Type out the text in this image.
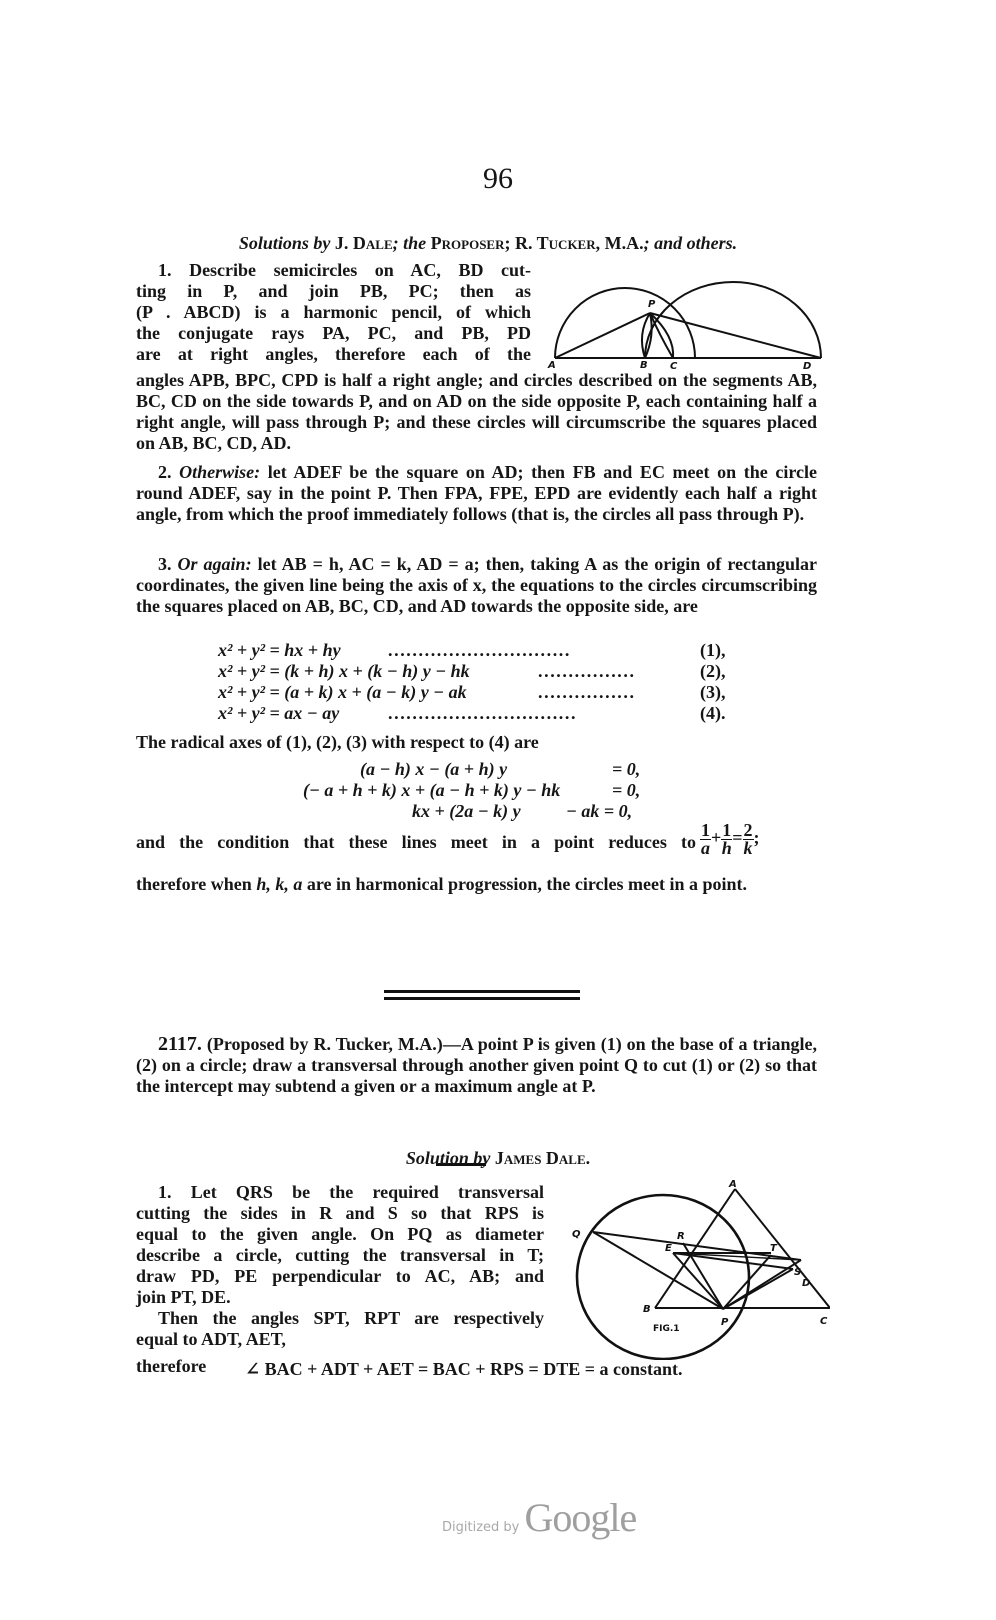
96
Solutions by J. Dale; the Proposer; R. Tucker, M.A.; and others.
1. Describe semicircles on AC, BD cut-
ting in P, and join PB, PC; then as
(P . ABCD) is a harmonic pencil, of which
the conjugate rays PA, PC, and PB, PD
are at right angles, therefore each of the
A	B C	D
P
angles APB, BPC, CPD is half a right angle; and circles described on the segments AB, BC, CD on the side towards P, and on AD on the side opposite P, each containing half a right angle, will pass through P; and these circles will circumscribe the squares placed on AB, BC, CD, AD.
2. Otherwise: let ADEF be the square on AD; then FB and EC meet on the circle round ADEF, say in the point P. Then FPA, FPE, EPD are evidently each half a right angle, from which the proof immediately follows (that is, the circles all pass through P).
3. Or again: let AB = h, AC = k, AD = a; then, taking A as the origin of rectangular coordinates, the given line being the axis of x, the equations to the circles circumscribing the squares placed on AB, BC, CD, and AD towards the opposite side, are
x² + y² = hx + hy	..............................	(1),
x² + y² = (k + h) x + (k − h) y − hk	................	(2),
x² + y² = (a + k) x + (a − k) y − ak	................	(3),
x² + y² = ax − ay	...............................	(4).
The radical axes of (1), (2), (3) with respect to (4) are
(a − h) x − (a + h) y	= 0,
(− a + h + k) x + (a − h + k) y − hk	= 0,
kx + (2a − k) y	− ak = 0,
and the condition that these lines meet in a point reduces to $\frac{1}{a} + \frac{1}{h} = \frac{2}{k}$ ;
therefore when h, k, a are in harmonical progression, the circles meet in a point.
2117. (Proposed by R. Tucker, M.A.)—A point P is given (1) on the base of a triangle, (2) on a circle; draw a transversal through another given point Q to cut (1) or (2) so that the intercept may subtend a given or a maximum angle at P.
Solution by James Dale.
1. Let QRS be the required transversal
cutting the sides in R and S so that RPS is
equal to the given angle. On PQ as diameter
describe a circle, cutting the transversal in T;
draw PD, PE perpendicular to AC, AB; and
join PT, DE.
Then the angles SPT, RPT are respectively
equal to ADT, AET,
A
B
C
D
E
P
Q	R
S
T
FIG.1
therefore ∠ BAC + ADT + AET = BAC + RPS = DTE = a constant.
Digitized by Google
